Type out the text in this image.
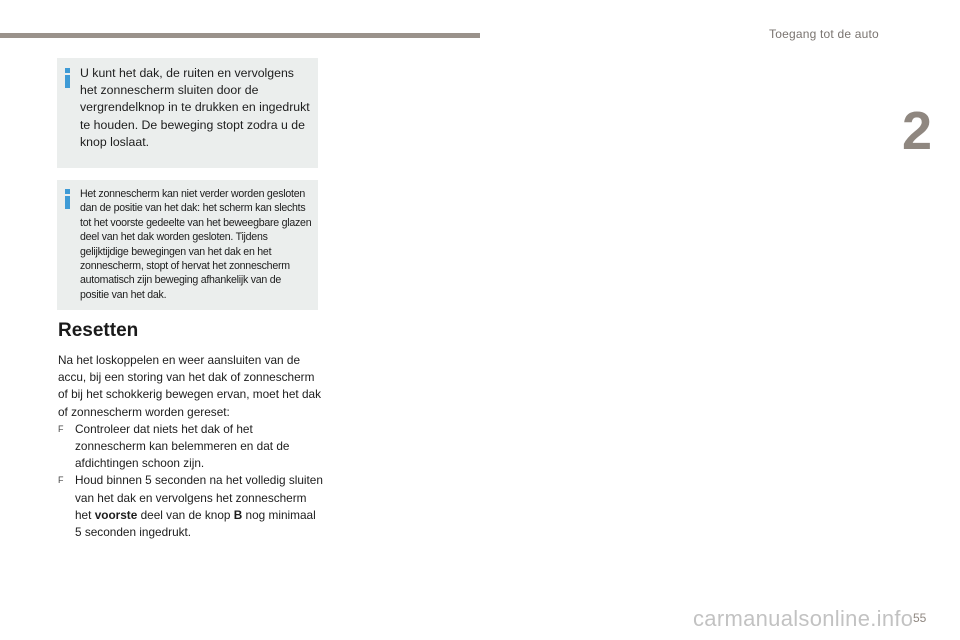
Toegang tot de auto
2
U kunt het dak, de ruiten en vervolgens het zonnescherm sluiten door de vergrendelknop in te drukken en ingedrukt te houden. De beweging stopt zodra u de knop loslaat.
Het zonnescherm kan niet verder worden gesloten dan de positie van het dak: het scherm kan slechts tot het voorste gedeelte van het beweegbare glazen deel van het dak worden gesloten. Tijdens gelijktijdige bewegingen van het dak en het zonnescherm, stopt of hervat het zonnescherm automatisch zijn beweging afhankelijk van de positie van het dak.
Resetten
Na het loskoppelen en weer aansluiten van de accu, bij een storing van het dak of zonnescherm of bij het schokkerig bewegen ervan, moet het dak of zonnescherm worden gereset:
F Controleer dat niets het dak of het zonnescherm kan belemmeren en dat de afdichtingen schoon zijn.
F Houd binnen 5 seconden na het volledig sluiten van het dak en vervolgens het zonnescherm het voorste deel van de knop B nog minimaal 5 seconden ingedrukt.
carmanualsonline.info 55
